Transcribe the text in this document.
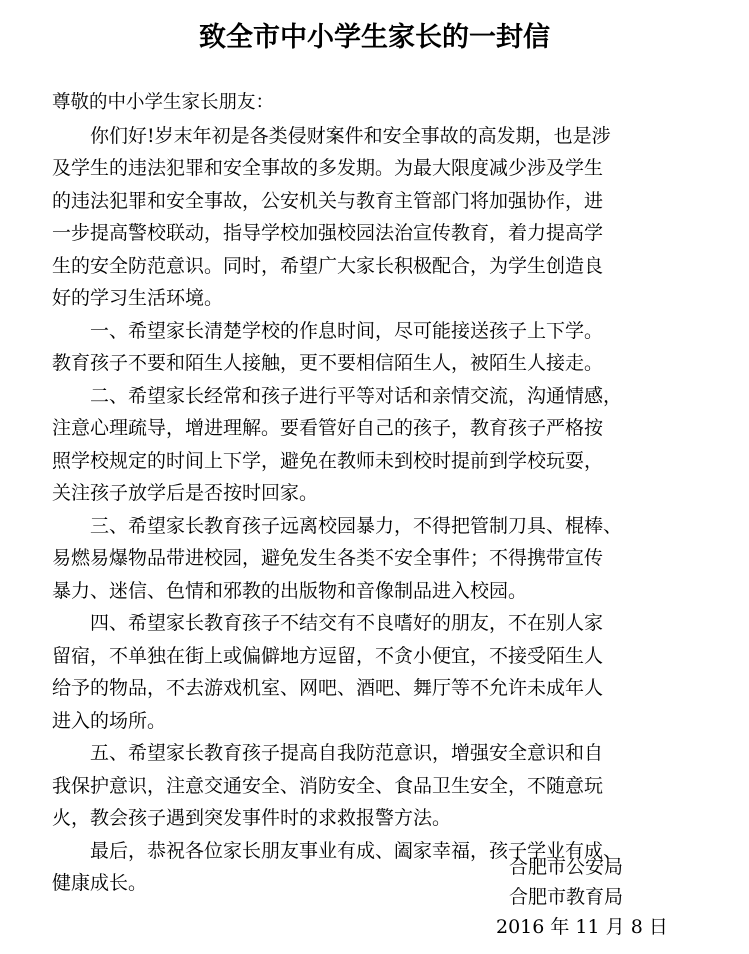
致全市中小学生家长的一封信

尊敬的中小学生家长朋友：

你们好!岁末年初是各类侵财案件和安全事故的高发期，也是涉
及学生的违法犯罪和安全事故的多发期。为最大限度减少涉及学生
的违法犯罪和安全事故，公安机关与教育主管部门将加强协作，进
一步提高警校联动，指导学校加强校园法治宣传教育，着力提高学
生的安全防范意识。同时，希望广大家长积极配合，为学生创造良
好的学习生活环境。

一、希望家长清楚学校的作息时间，尽可能接送孩子上下学。
教育孩子不要和陌生人接触，更不要相信陌生人，被陌生人接走。

二、希望家长经常和孩子进行平等对话和亲情交流，沟通情感，
注意心理疏导，增进理解。要看管好自己的孩子，教育孩子严格按
照学校规定的时间上下学，避免在教师未到校时提前到学校玩耍，
关注孩子放学后是否按时回家。

三、希望家长教育孩子远离校园暴力，不得把管制刀具、棍棒、
易燃易爆物品带进校园，避免发生各类不安全事件；不得携带宣传
暴力、迷信、色情和邪教的出版物和音像制品进入校园。

四、希望家长教育孩子不结交有不良嗜好的朋友，不在别人家
留宿，不单独在街上或偏僻地方逗留，不贪小便宜，不接受陌生人
给予的物品，不去游戏机室、网吧、酒吧、舞厅等不允许未成年人
进入的场所。

五、希望家长教育孩子提高自我防范意识，增强安全意识和自
我保护意识，注意交通安全、消防安全、食品卫生安全，不随意玩
火，教会孩子遇到突发事件时的求救报警方法。

最后，恭祝各位家长朋友事业有成、阖家幸福，孩子学业有成、
健康成长。

合肥市公安局
合肥市教育局
2016 年 11 月 8 日
